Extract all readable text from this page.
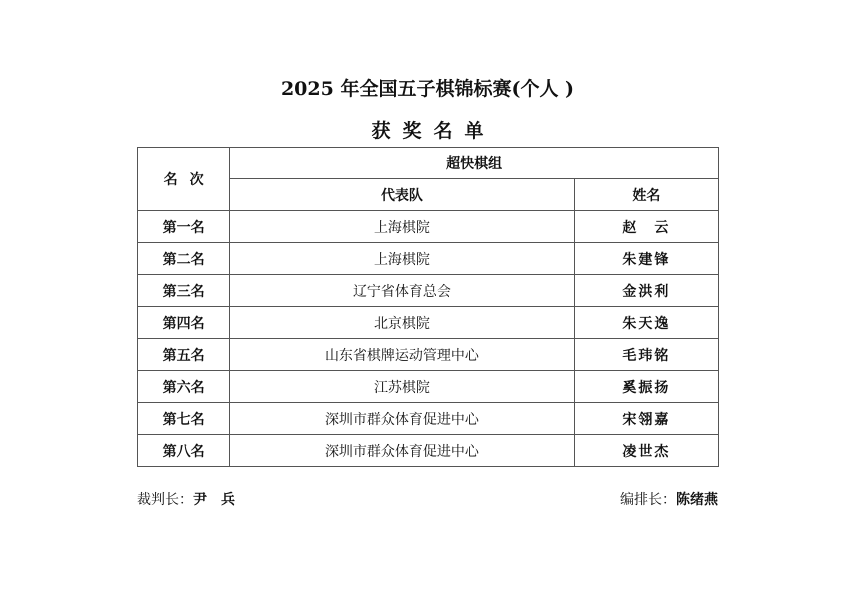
2025 年全国五子棋锦标赛(个人 )
获奖名单
名次	超快棋组	
	代表队	姓名
第一名	上海棋院	赵　云
第二名	上海棋院	朱建锋
第三名	辽宁省体育总会	金洪利
第四名	北京棋院	朱天逸
第五名	山东省棋牌运动管理中心	毛玮铭
第六名	江苏棋院	奚振扬
第七名	深圳市群众体育促进中心	宋翎嘉
第八名	深圳市群众体育促进中心	凌世杰
裁判长：尹　兵	编排长：陈绪燕
